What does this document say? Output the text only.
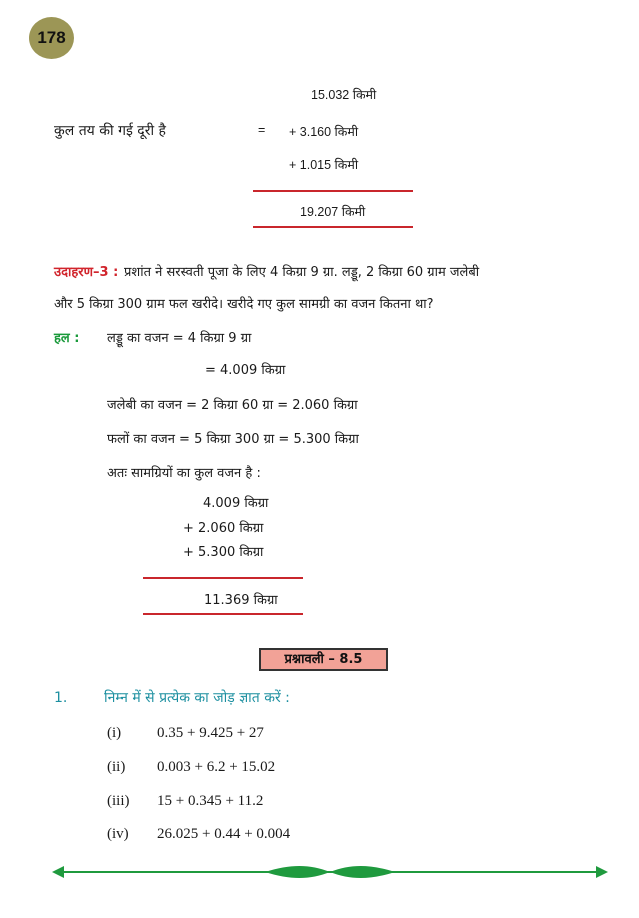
178
15.032 किमी
कुल तय की गई दूरी है	= + 3.160 किमी
+ 1.015 किमी
19.207 किमी
उदाहरण–3 : प्रशांत ने सरस्वती पूजा के लिए 4 किग्रा 9 ग्रा. लड्डू, 2 किग्रा 60 ग्राम जलेबी
और 5 किग्रा 300 ग्राम फल खरीदे। खरीदे गए कुल सामग्री का वजन कितना था?
हल : लड्डू का वजन = 4 किग्रा 9 ग्रा
= 4.009 किग्रा
जलेबी का वजन = 2 किग्रा 60 ग्रा = 2.060 किग्रा
फलों का वजन = 5 किग्रा 300 ग्रा = 5.300 किग्रा
अतः सामग्रियों का कुल वजन है :
4.009 किग्रा
+ 2.060 किग्रा
+ 5.300 किग्रा
11.369 किग्रा
प्रश्नावली – 8.5
1.	निम्न में से प्रत्येक का जोड़ ज्ञात करें :
(i) 0.35 + 9.425 + 27
(ii) 0.003 + 6.2 + 15.02
(iii) 15 + 0.345 + 11.2
(iv) 26.025 + 0.44 + 0.004
